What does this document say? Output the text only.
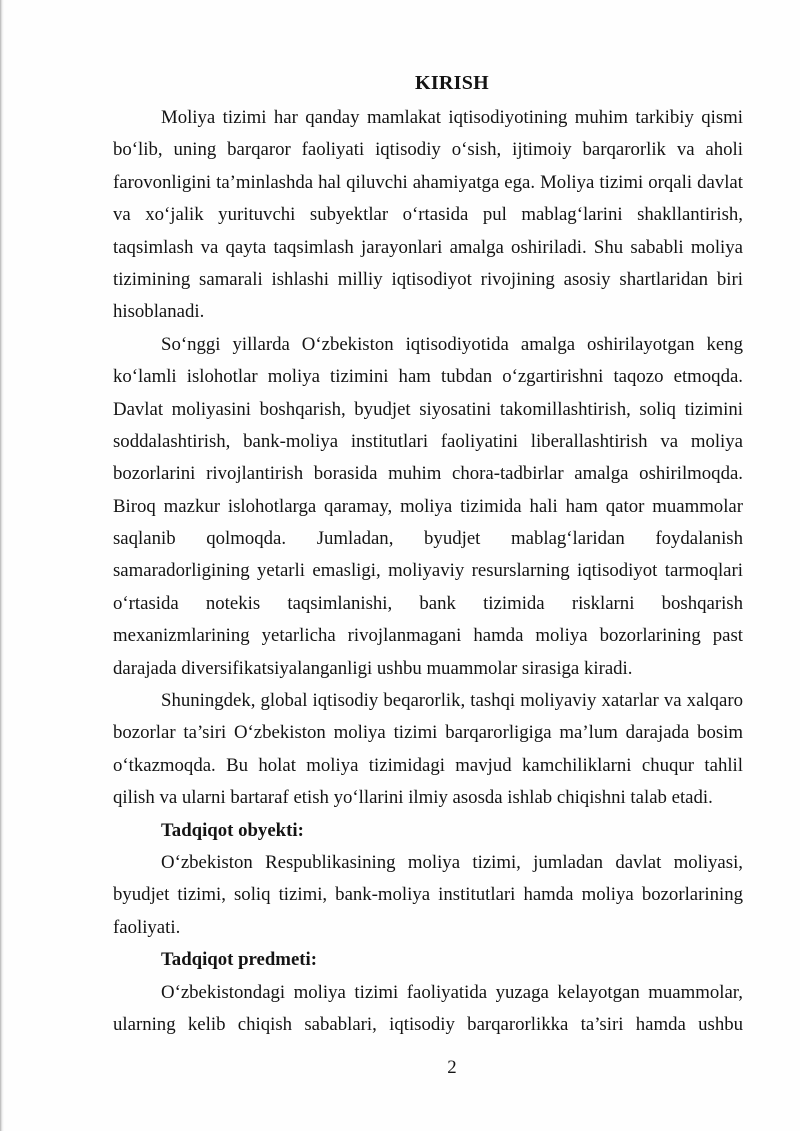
KIRISH
Moliya tizimi har qanday mamlakat iqtisodiyotining muhim tarkibiy qismi
boʻlib, uning barqaror faoliyati iqtisodiy oʻsish, ijtimoiy barqarorlik va aholi
farovonligini ta’minlashda hal qiluvchi ahamiyatga ega. Moliya tizimi orqali davlat
va xoʻjalik yurituvchi subyektlar oʻrtasida pul mablagʻlarini shakllantirish,
taqsimlash va qayta taqsimlash jarayonlari amalga oshiriladi. Shu sababli moliya
tizimining samarali ishlashi milliy iqtisodiyot rivojining asosiy shartlaridan biri
hisoblanadi.
Soʻnggi yillarda Oʻzbekiston iqtisodiyotida amalga oshirilayotgan keng
koʻlamli islohotlar moliya tizimini ham tubdan oʻzgartirishni taqozo etmoqda.
Davlat moliyasini boshqarish, byudjet siyosatini takomillashtirish, soliq tizimini
soddalashtirish, bank-moliya institutlari faoliyatini liberallashtirish va moliya
bozorlarini rivojlantirish borasida muhim chora-tadbirlar amalga oshirilmoqda.
Biroq mazkur islohotlarga qaramay, moliya tizimida hali ham qator muammolar
saqlanib qolmoqda. Jumladan, byudjet mablagʻlaridan foydalanish
samaradorligining yetarli emasligi, moliyaviy resurslarning iqtisodiyot tarmoqlari
oʻrtasida notekis taqsimlanishi, bank tizimida risklarni boshqarish
mexanizmlarining yetarlicha rivojlanmagani hamda moliya bozorlarining past
darajada diversifikatsiyalanganligi ushbu muammolar sirasiga kiradi.
Shuningdek, global iqtisodiy beqarorlik, tashqi moliyaviy xatarlar va xalqaro
bozorlar ta’siri Oʻzbekiston moliya tizimi barqarorligiga ma’lum darajada bosim
oʻtkazmoqda. Bu holat moliya tizimidagi mavjud kamchiliklarni chuqur tahlil
qilish va ularni bartaraf etish yoʻllarini ilmiy asosda ishlab chiqishni talab etadi.
Tadqiqot obyekti:
Oʻzbekiston Respublikasining moliya tizimi, jumladan davlat moliyasi,
byudjet tizimi, soliq tizimi, bank-moliya institutlari hamda moliya bozorlarining
faoliyati.
Tadqiqot predmeti:
Oʻzbekistondagi moliya tizimi faoliyatida yuzaga kelayotgan muammolar,
ularning kelib chiqish sabablari, iqtisodiy barqarorlikka ta’siri hamda ushbu
2
